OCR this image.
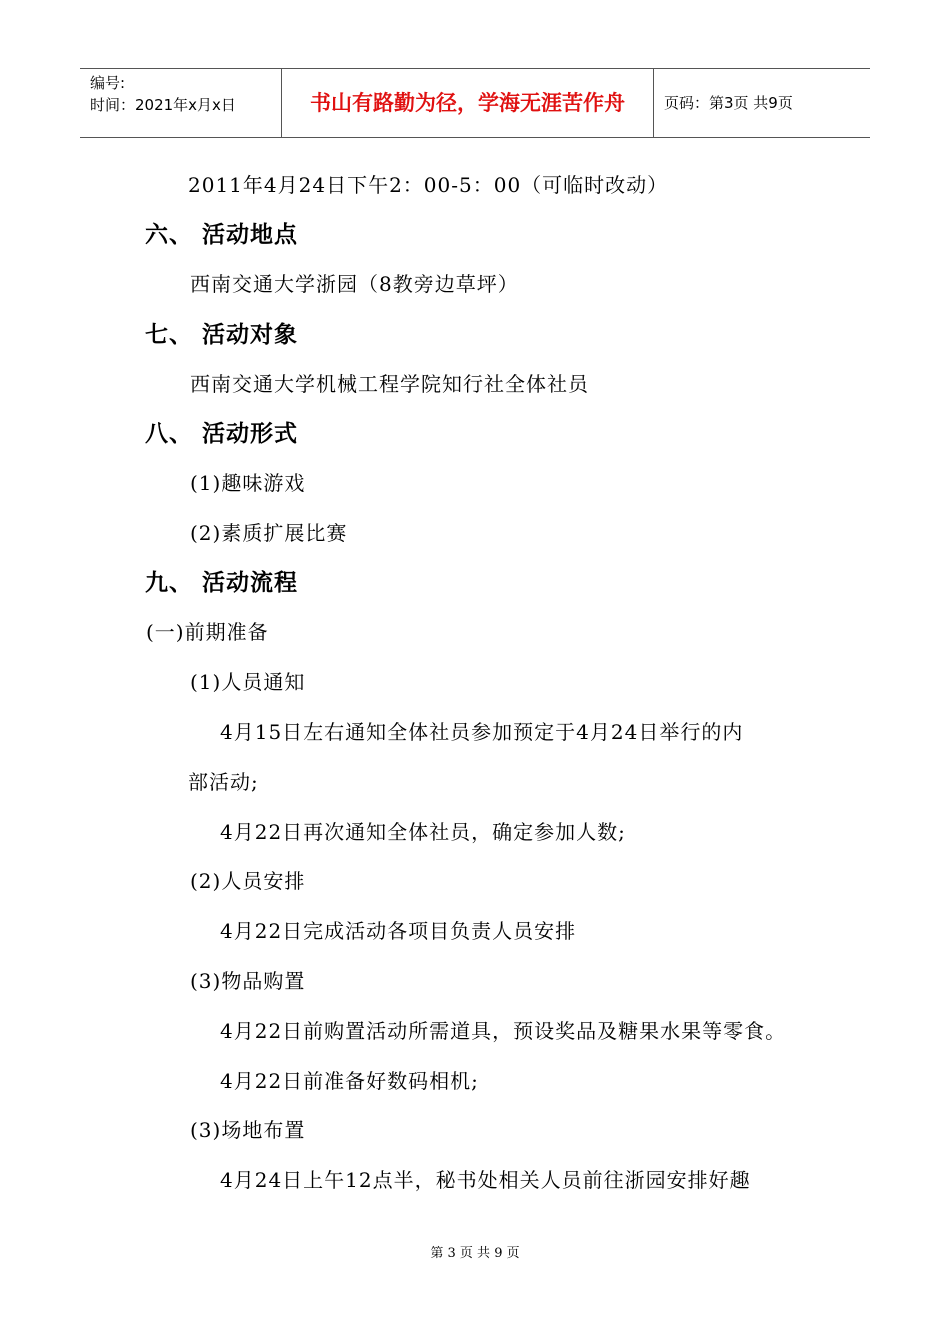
编号:
时间：2021年x月x日	书山有路勤为径，学海无涯苦作舟	页码：第3页 共9页
2011年4月24日下午2：00-5：00（可临时改动）
六、 活动地点
西南交通大学浙园（8教旁边草坪）
七、 活动对象
西南交通大学机械工程学院知行社全体社员
八、 活动形式
(1)趣味游戏
(2)素质扩展比赛
九、 活动流程
(一)前期准备
(1)人员通知
4月15日左右通知全体社员参加预定于4月24日举行的内
部活动;
4月22日再次通知全体社员，确定参加人数;
(2)人员安排
4月22日完成活动各项目负责人员安排
(3)物品购置
4月22日前购置活动所需道具，预设奖品及糖果水果等零食。
4月22日前准备好数码相机;
(3)场地布置
4月24日上午12点半，秘书处相关人员前往浙园安排好趣
第 3 页 共 9 页
